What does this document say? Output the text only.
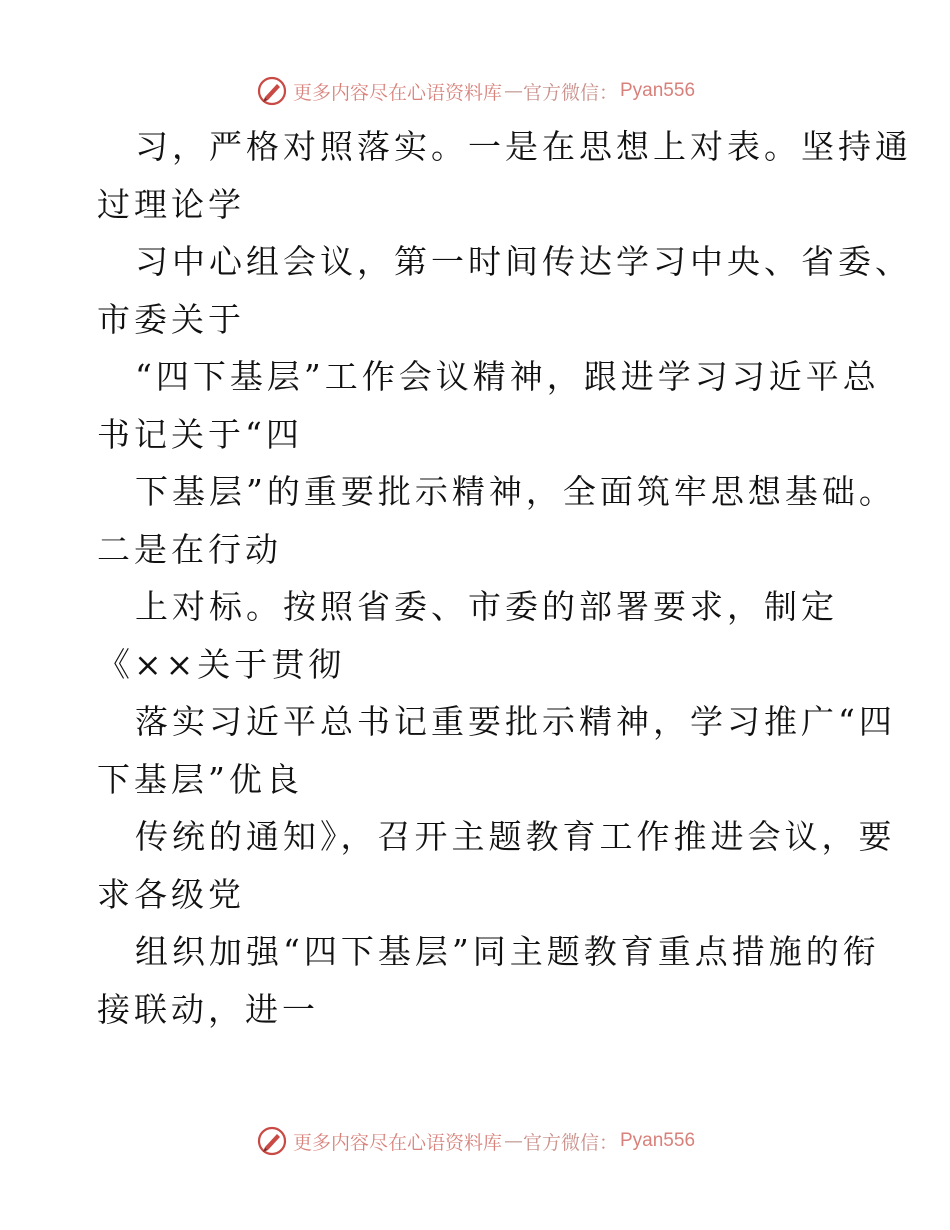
更多内容尽在心语资料库 — 官方微信： Pyan556
习，严格对照落实。一是在思想上对表。坚持通
过理论学
习中心组会议，第一时间传达学习中央、省委、
市委关于
“四下基层”工作会议精神，跟进学习习近平总
书记关于“四
下基层”的重要批示精神，全面筑牢思想基础。
二是在行动
上对标。按照省委、市委的部署要求，制定
《××关于贯彻
落实习近平总书记重要批示精神，学习推广“四
下基层”优良
传统的通知》，召开主题教育工作推进会议，要
求各级党
组织加强“四下基层”同主题教育重点措施的衔
接联动，进一
更多内容尽在心语资料库 — 官方微信： Pyan556
